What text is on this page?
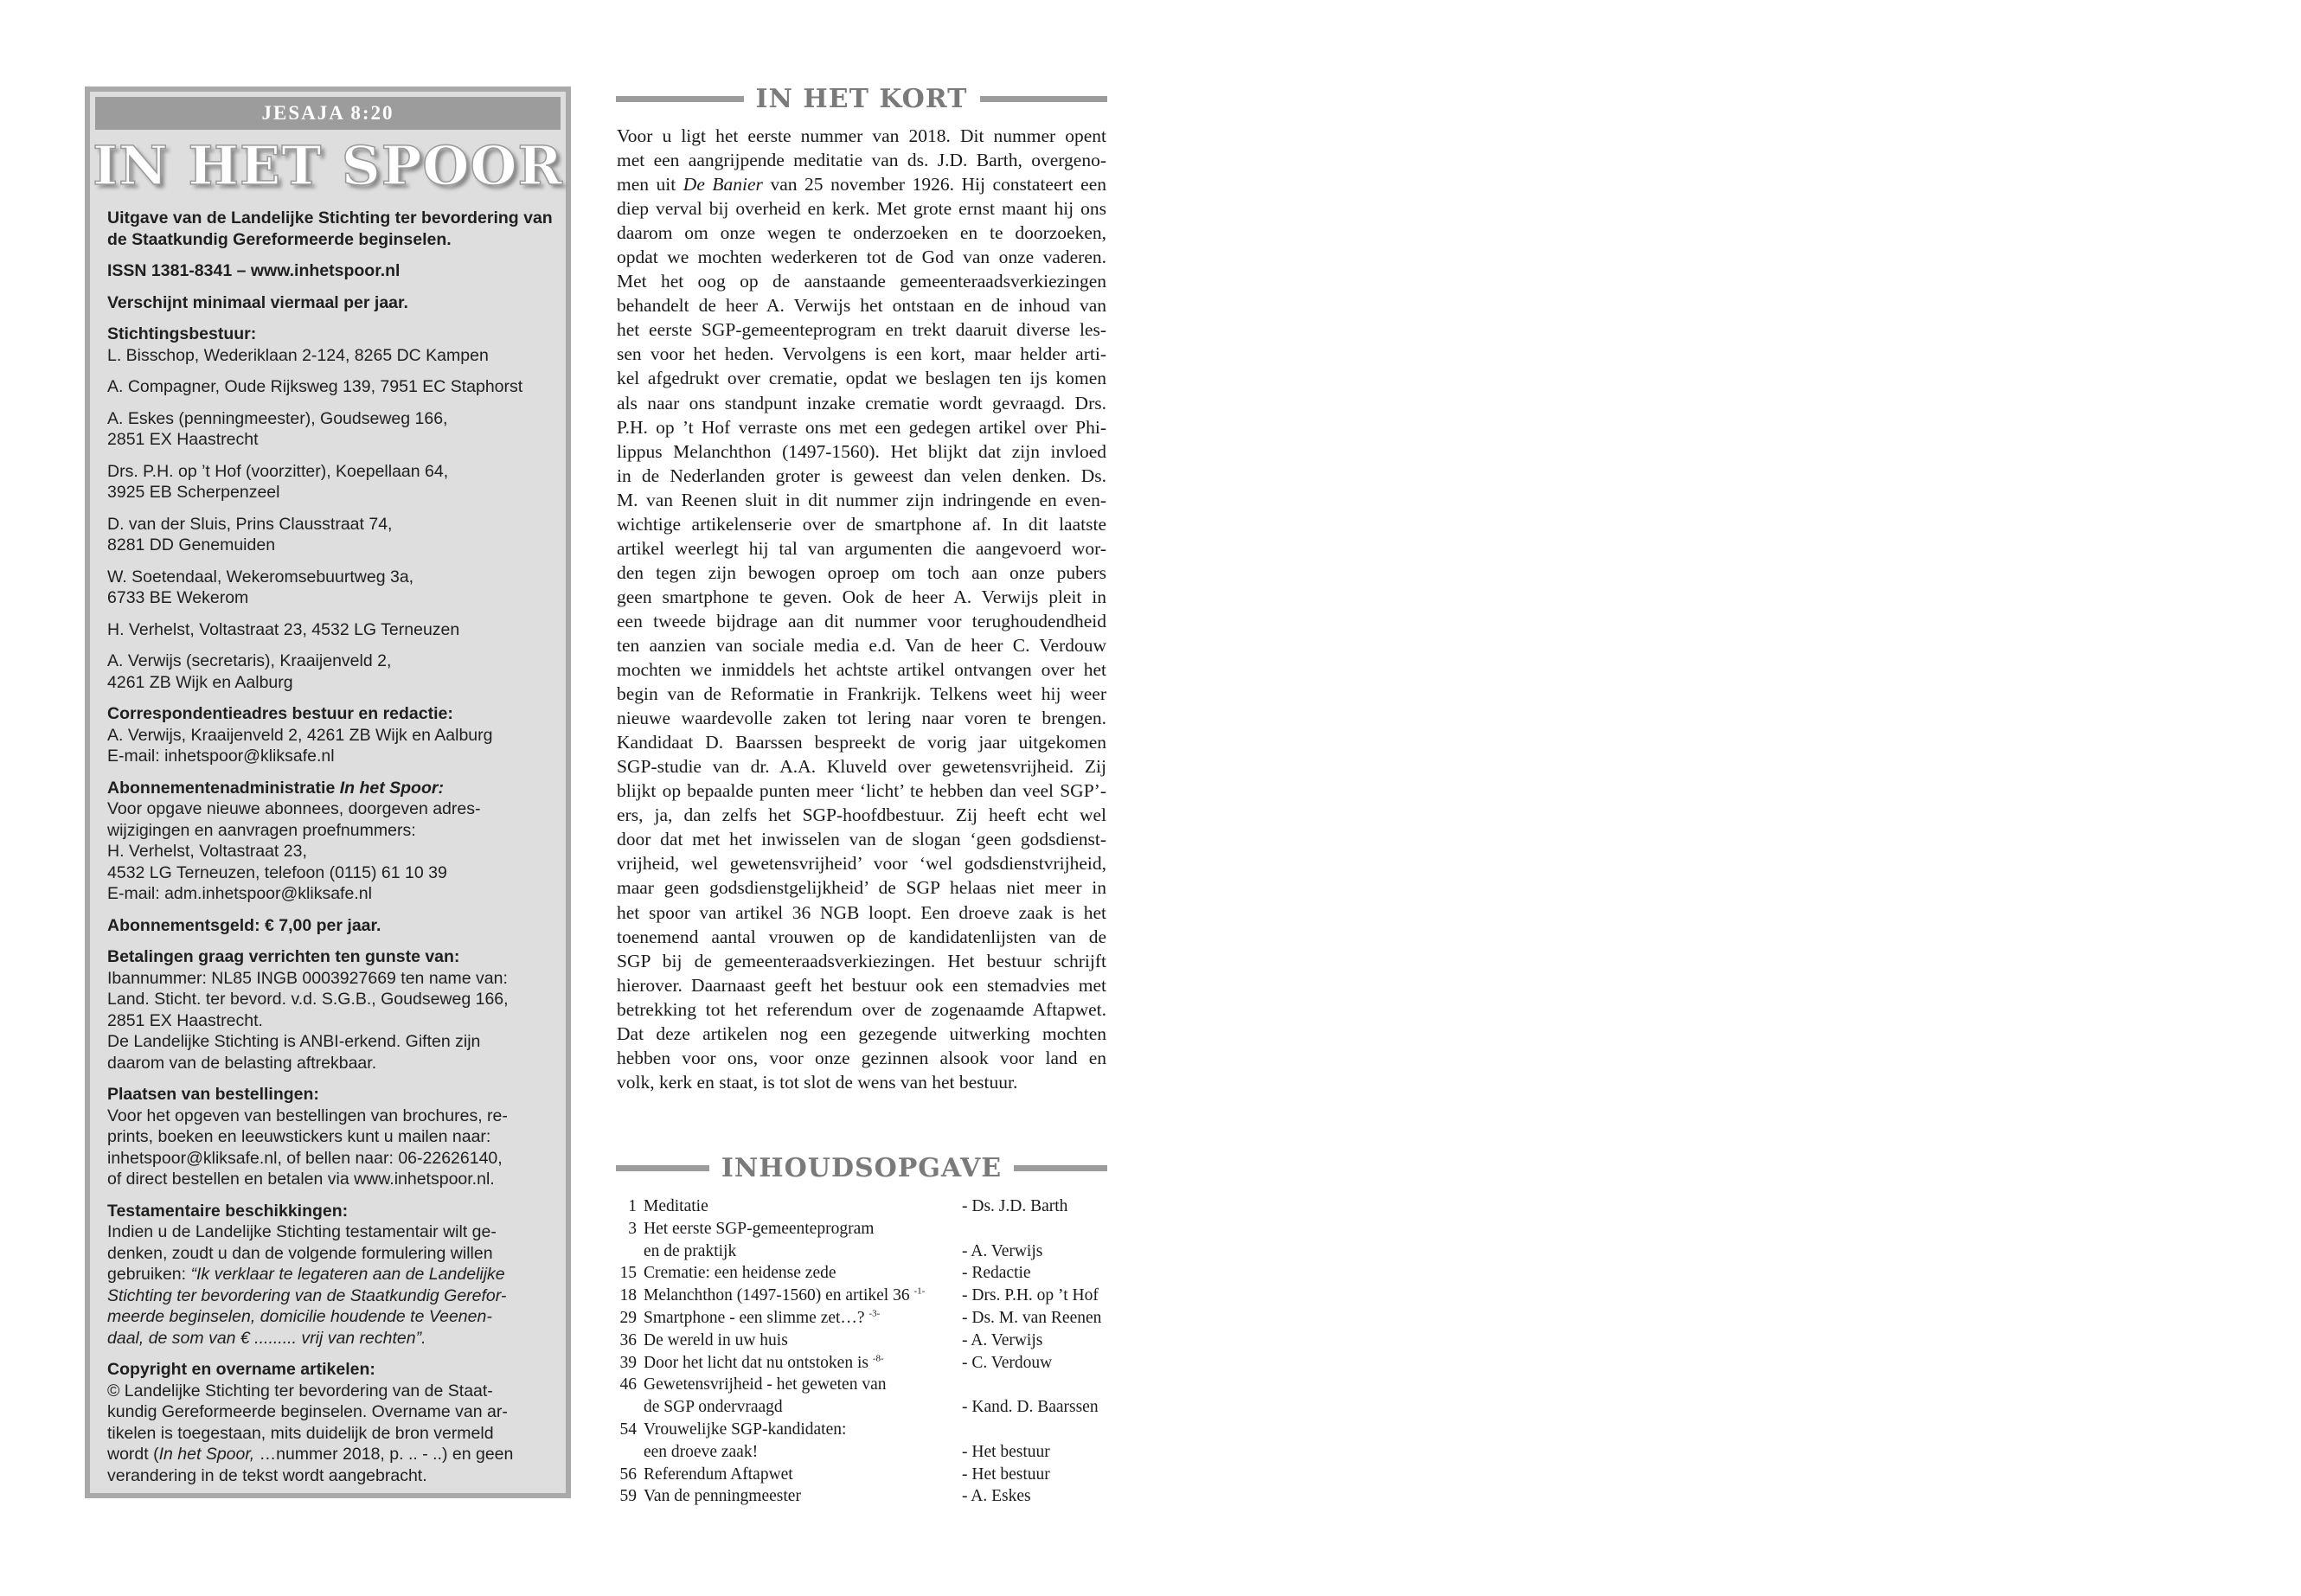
JESAJA 8:20
IN HET SPOOR

Uitgave van de Landelijke Stichting ter bevordering van de Staatkundig Gereformeerde beginselen.

ISSN 1381-8341 – www.inhetspoor.nl

Verschijnt minimaal viermaal per jaar.

Stichtingsbestuur:

L. Bisschop, Wederiklaan 2-124, 8265 DC Kampen

A. Compagner, Oude Rijksweg 139, 7951 EC Staphorst

A. Eskes (penningmeester), Goudseweg 166,
2851 EX Haastrecht

Drs. P.H. op ’t Hof (voorzitter), Koepellaan 64,
3925 EB Scherpenzeel

D. van der Sluis, Prins Clausstraat 74,
8281 DD Genemuiden

W. Soetendaal, Wekeromsebuurtweg 3a,
6733 BE Wekerom

H. Verhelst, Voltastraat 23, 4532 LG Terneuzen

A. Verwijs (secretaris), Kraaijenveld 2,
4261 ZB Wijk en Aalburg

Correspondentieadres bestuur en redactie:

A. Verwijs, Kraaijenveld 2, 4261 ZB Wijk en Aalburg
E-mail: inhetspoor@kliksafe.nl

Abonnementenadministratie In het Spoor:

Voor opgave nieuwe abonnees, doorgeven adres-
wijzigingen en aanvragen proefnummers:
H. Verhelst, Voltastraat 23,
4532 LG Terneuzen, telefoon (0115) 61 10 39
E-mail: adm.inhetspoor@kliksafe.nl

Abonnementsgeld: € 7,00 per jaar.

Betalingen graag verrichten ten gunste van:

Ibannummer: NL85 INGB 0003927669 ten name van:
Land. Sticht. ter bevord. v.d. S.G.B., Goudseweg 166,
2851 EX Haastrecht.
De Landelijke Stichting is ANBI-erkend. Giften zijn
daarom van de belasting aftrekbaar.

Plaatsen van bestellingen:

Voor het opgeven van bestellingen van brochures, re-
prints, boeken en leeuwstickers kunt u mailen naar:
inhetspoor@kliksafe.nl, of bellen naar: 06-22626140,
of direct bestellen en betalen via www.inhetspoor.nl.

Testamentaire beschikkingen:

Indien u de Landelijke Stichting testamentair wilt ge-
denken, zoudt u dan de volgende formulering willen
gebruiken: “Ik verklaar te legateren aan de Landelijke
Stichting ter bevordering van de Staatkundig Gerefor-
meerde beginselen, domicilie houdende te Veenen-
daal, de som van € ......... vrij van rechten”.

Copyright en overname artikelen:

© Landelijke Stichting ter bevordering van de Staat-
kundig Gereformeerde beginselen. Overname van ar-
tikelen is toegestaan, mits duidelijk de bron vermeld
wordt (In het Spoor, …nummer 2018, p. .. - ..) en geen
verandering in de tekst wordt aangebracht.

IN HET KORT
Voor u ligt het eerste nummer van 2018. Dit nummer opent
met een aangrijpende meditatie van ds. J.D. Barth, overgeno-
men uit De Banier van 25 november 1926. Hij constateert een
diep verval bij overheid en kerk. Met grote ernst maant hij ons
daarom om onze wegen te onderzoeken en te doorzoeken,
opdat we mochten wederkeren tot de God van onze vaderen.
Met het oog op de aanstaande gemeenteraadsverkiezingen
behandelt de heer A. Verwijs het ontstaan en de inhoud van
het eerste SGP-gemeenteprogram en trekt daaruit diverse les-
sen voor het heden. Vervolgens is een kort, maar helder arti-
kel afgedrukt over crematie, opdat we beslagen ten ijs komen
als naar ons standpunt inzake crematie wordt gevraagd. Drs.
P.H. op ’t Hof verraste ons met een gedegen artikel over Phi-
lippus Melanchthon (1497-1560). Het blijkt dat zijn invloed
in de Nederlanden groter is geweest dan velen denken. Ds.
M. van Reenen sluit in dit nummer zijn indringende en even-
wichtige artikelenserie over de smartphone af. In dit laatste
artikel weerlegt hij tal van argumenten die aangevoerd wor-
den tegen zijn bewogen oproep om toch aan onze pubers
geen smartphone te geven. Ook de heer A. Verwijs pleit in
een tweede bijdrage aan dit nummer voor terughoudendheid
ten aanzien van sociale media e.d. Van de heer C. Verdouw
mochten we inmiddels het achtste artikel ontvangen over het
begin van de Reformatie in Frankrijk. Telkens weet hij weer
nieuwe waardevolle zaken tot lering naar voren te brengen.
Kandidaat D. Baarssen bespreekt de vorig jaar uitgekomen
SGP-studie van dr. A.A. Kluveld over gewetensvrijheid. Zij
blijkt op bepaalde punten meer ‘licht’ te hebben dan veel SGP’-
ers, ja, dan zelfs het SGP-hoofdbestuur. Zij heeft echt wel
door dat met het inwisselen van de slogan ‘geen godsdienst-
vrijheid, wel gewetensvrijheid’ voor ‘wel godsdienstvrijheid,
maar geen godsdienstgelijkheid’ de SGP helaas niet meer in
het spoor van artikel 36 NGB loopt. Een droeve zaak is het
toenemend aantal vrouwen op de kandidatenlijsten van de
SGP bij de gemeenteraadsverkiezingen. Het bestuur schrijft
hierover. Daarnaast geeft het bestuur ook een stemadvies met
betrekking tot het referendum over de zogenaamde Aftapwet.
Dat deze artikelen nog een gezegende uitwerking mochten
hebben voor ons, voor onze gezinnen alsook voor land en
volk, kerk en staat, is tot slot de wens van het bestuur.
INHOUDSOPGAVE
1 Meditatie	- Ds. J.D. Barth
3 Het eerste SGP-gemeenteprogram
en de praktijk	- A. Verwijs
15 Crematie: een heidense zede	- Redactie
18 Melanchthon (1497-1560) en artikel 36 $^{-1-}$	- Drs. P.H. op ’t Hof
29 Smartphone - een slimme zet…? $^{-3-}$	- Ds. M. van Reenen
36 De wereld in uw huis	- A. Verwijs
39 Door het licht dat nu ontstoken is $^{-8-}$	- C. Verdouw
46 Gewetensvrijheid - het geweten van
de SGP ondervraagd	- Kand. D. Baarssen
54 Vrouwelijke SGP-kandidaten:
een droeve zaak!	- Het bestuur
56 Referendum Aftapwet	- Het bestuur
59 Van de penningmeester	- A. Eskes
